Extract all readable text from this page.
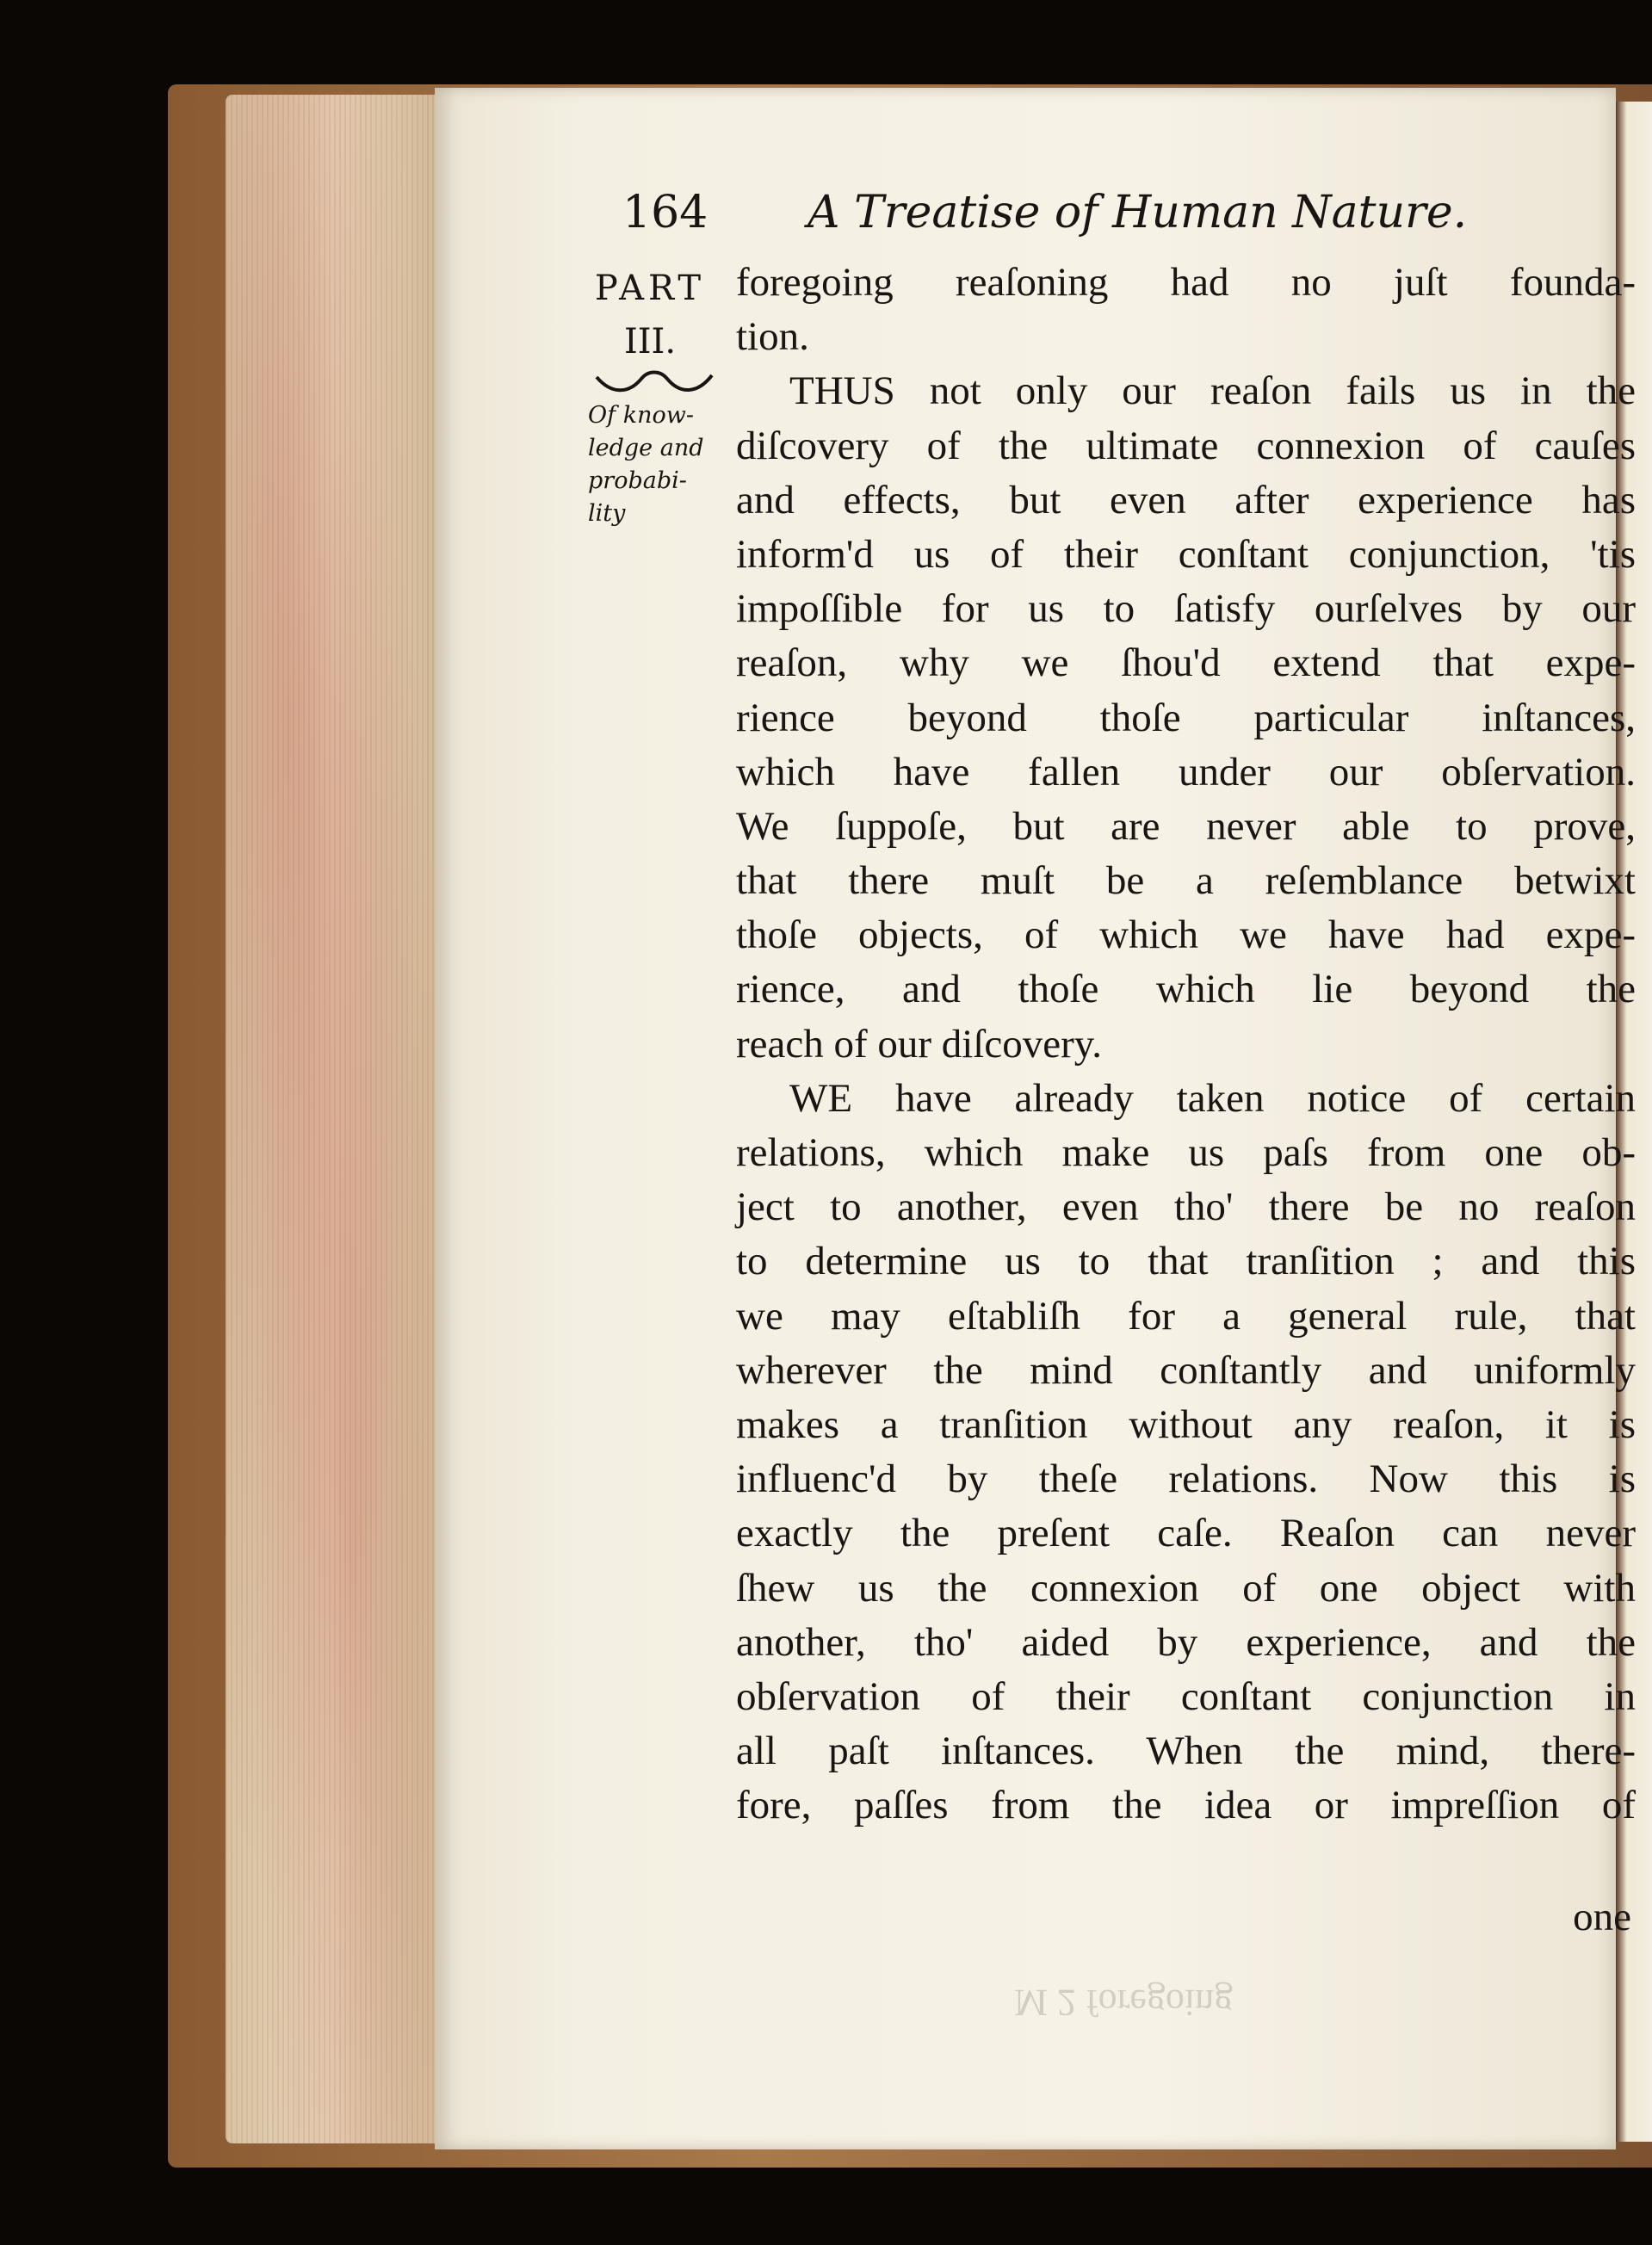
164 A Treatise of Human Nature.
PART
III.
Of know-
ledge and
probabi-
lity
foregoing reaſoning had no juſt founda-
tion.
THUS not only our reaſon fails us in the
diſcovery of the ultimate connexion of cauſes
and effects, but even after experience has
inform'd us of their conſtant conjunction, 'tis
impoſſible for us to ſatisfy ourſelves by our
reaſon, why we ſhou'd extend that expe-
rience beyond thoſe particular inſtances,
which have fallen under our obſervation.
We ſuppoſe, but are never able to prove,
that there muſt be a reſemblance betwixt
thoſe objects, of which we have had expe-
rience, and thoſe which lie beyond the
reach of our diſcovery.
WE have already taken notice of certain
relations, which make us paſs from one ob-
ject to another, even tho' there be no reaſon
to determine us to that tranſition ; and this
we may eſtabliſh for a general rule, that
wherever the mind conſtantly and uniformly
makes a tranſition without any reaſon, it is
influenc'd by theſe relations. Now this is
exactly the preſent caſe. Reaſon can never
ſhew us the connexion of one object with
another, tho' aided by experience, and the
obſervation of their conſtant conjunction in
all paſt inſtances. When the mind, there-
fore, paſſes from the idea or impreſſion of
one
M 2 foregoing
